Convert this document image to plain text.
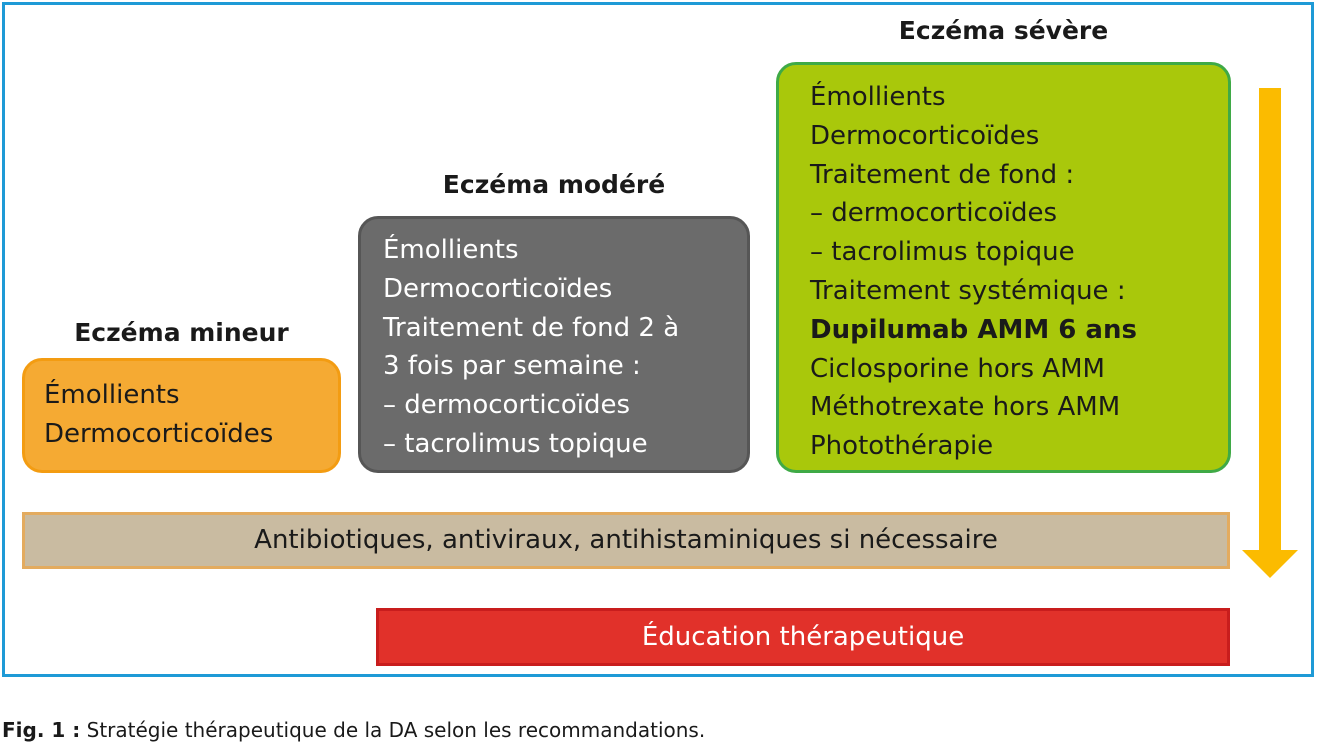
Eczéma mineur
Eczéma modéré
Eczéma sévère
Émollients
Dermocorticoïdes
Émollients
Dermocorticoïdes
Traitement de fond 2 à
3 fois par semaine :
– dermocorticoïdes
– tacrolimus topique
Émollients
Dermocorticoïdes
Traitement de fond :
– dermocorticoïdes
– tacrolimus topique
Traitement systémique :
Dupilumab AMM 6 ans
Ciclosporine hors AMM
Méthotrexate hors AMM
Photothérapie
Antibiotiques, antiviraux, antihistaminiques si nécessaire
Éducation thérapeutique
Fig. 1 : Stratégie thérapeutique de la DA selon les recommandations.
